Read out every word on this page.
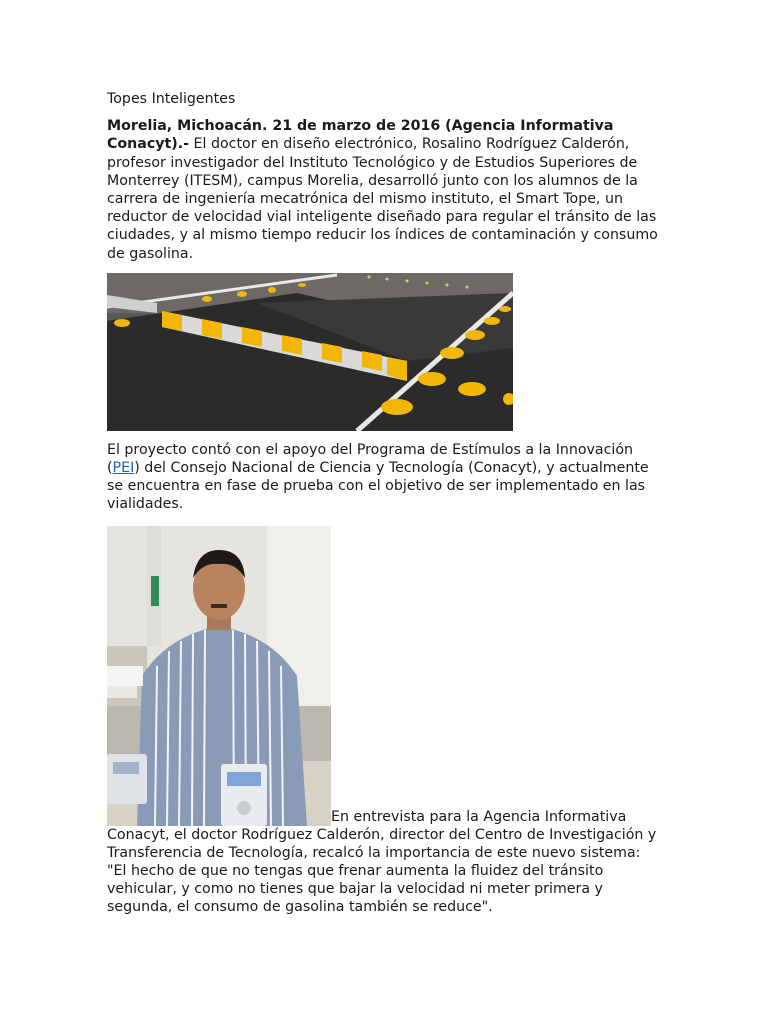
Topes Inteligentes

Morelia, Michoacán. 21 de marzo de 2016 (Agencia Informativa Conacyt).- El doctor en diseño electrónico, Rosalino Rodríguez Calderón, profesor investigador del Instituto Tecnológico y de Estudios Superiores de Monterrey (ITESM), campus Morelia, desarrolló junto con los alumnos de la carrera de ingeniería mecatrónica del mismo instituto, el Smart Tope, un reductor de velocidad vial inteligente diseñado para regular el tránsito de las ciudades, y al mismo tiempo reducir los índices de contaminación y consumo de gasolina.

El proyecto contó con el apoyo del Programa de Estímulos a la Innovación (PEI) del Consejo Nacional de Ciencia y Tecnología (Conacyt), y actualmente se encuentra en fase de prueba con el objetivo de ser implementado en las vialidades.

En entrevista para la Agencia Informativa Conacyt, el doctor Rodríguez Calderón, director del Centro de Investigación y Transferencia de Tecnología, recalcó la importancia de este nuevo sistema: "El hecho de que no tengas que frenar aumenta la fluidez del tránsito vehicular, y como no tienes que bajar la velocidad ni meter primera y segunda, el consumo de gasolina también se reduce".
